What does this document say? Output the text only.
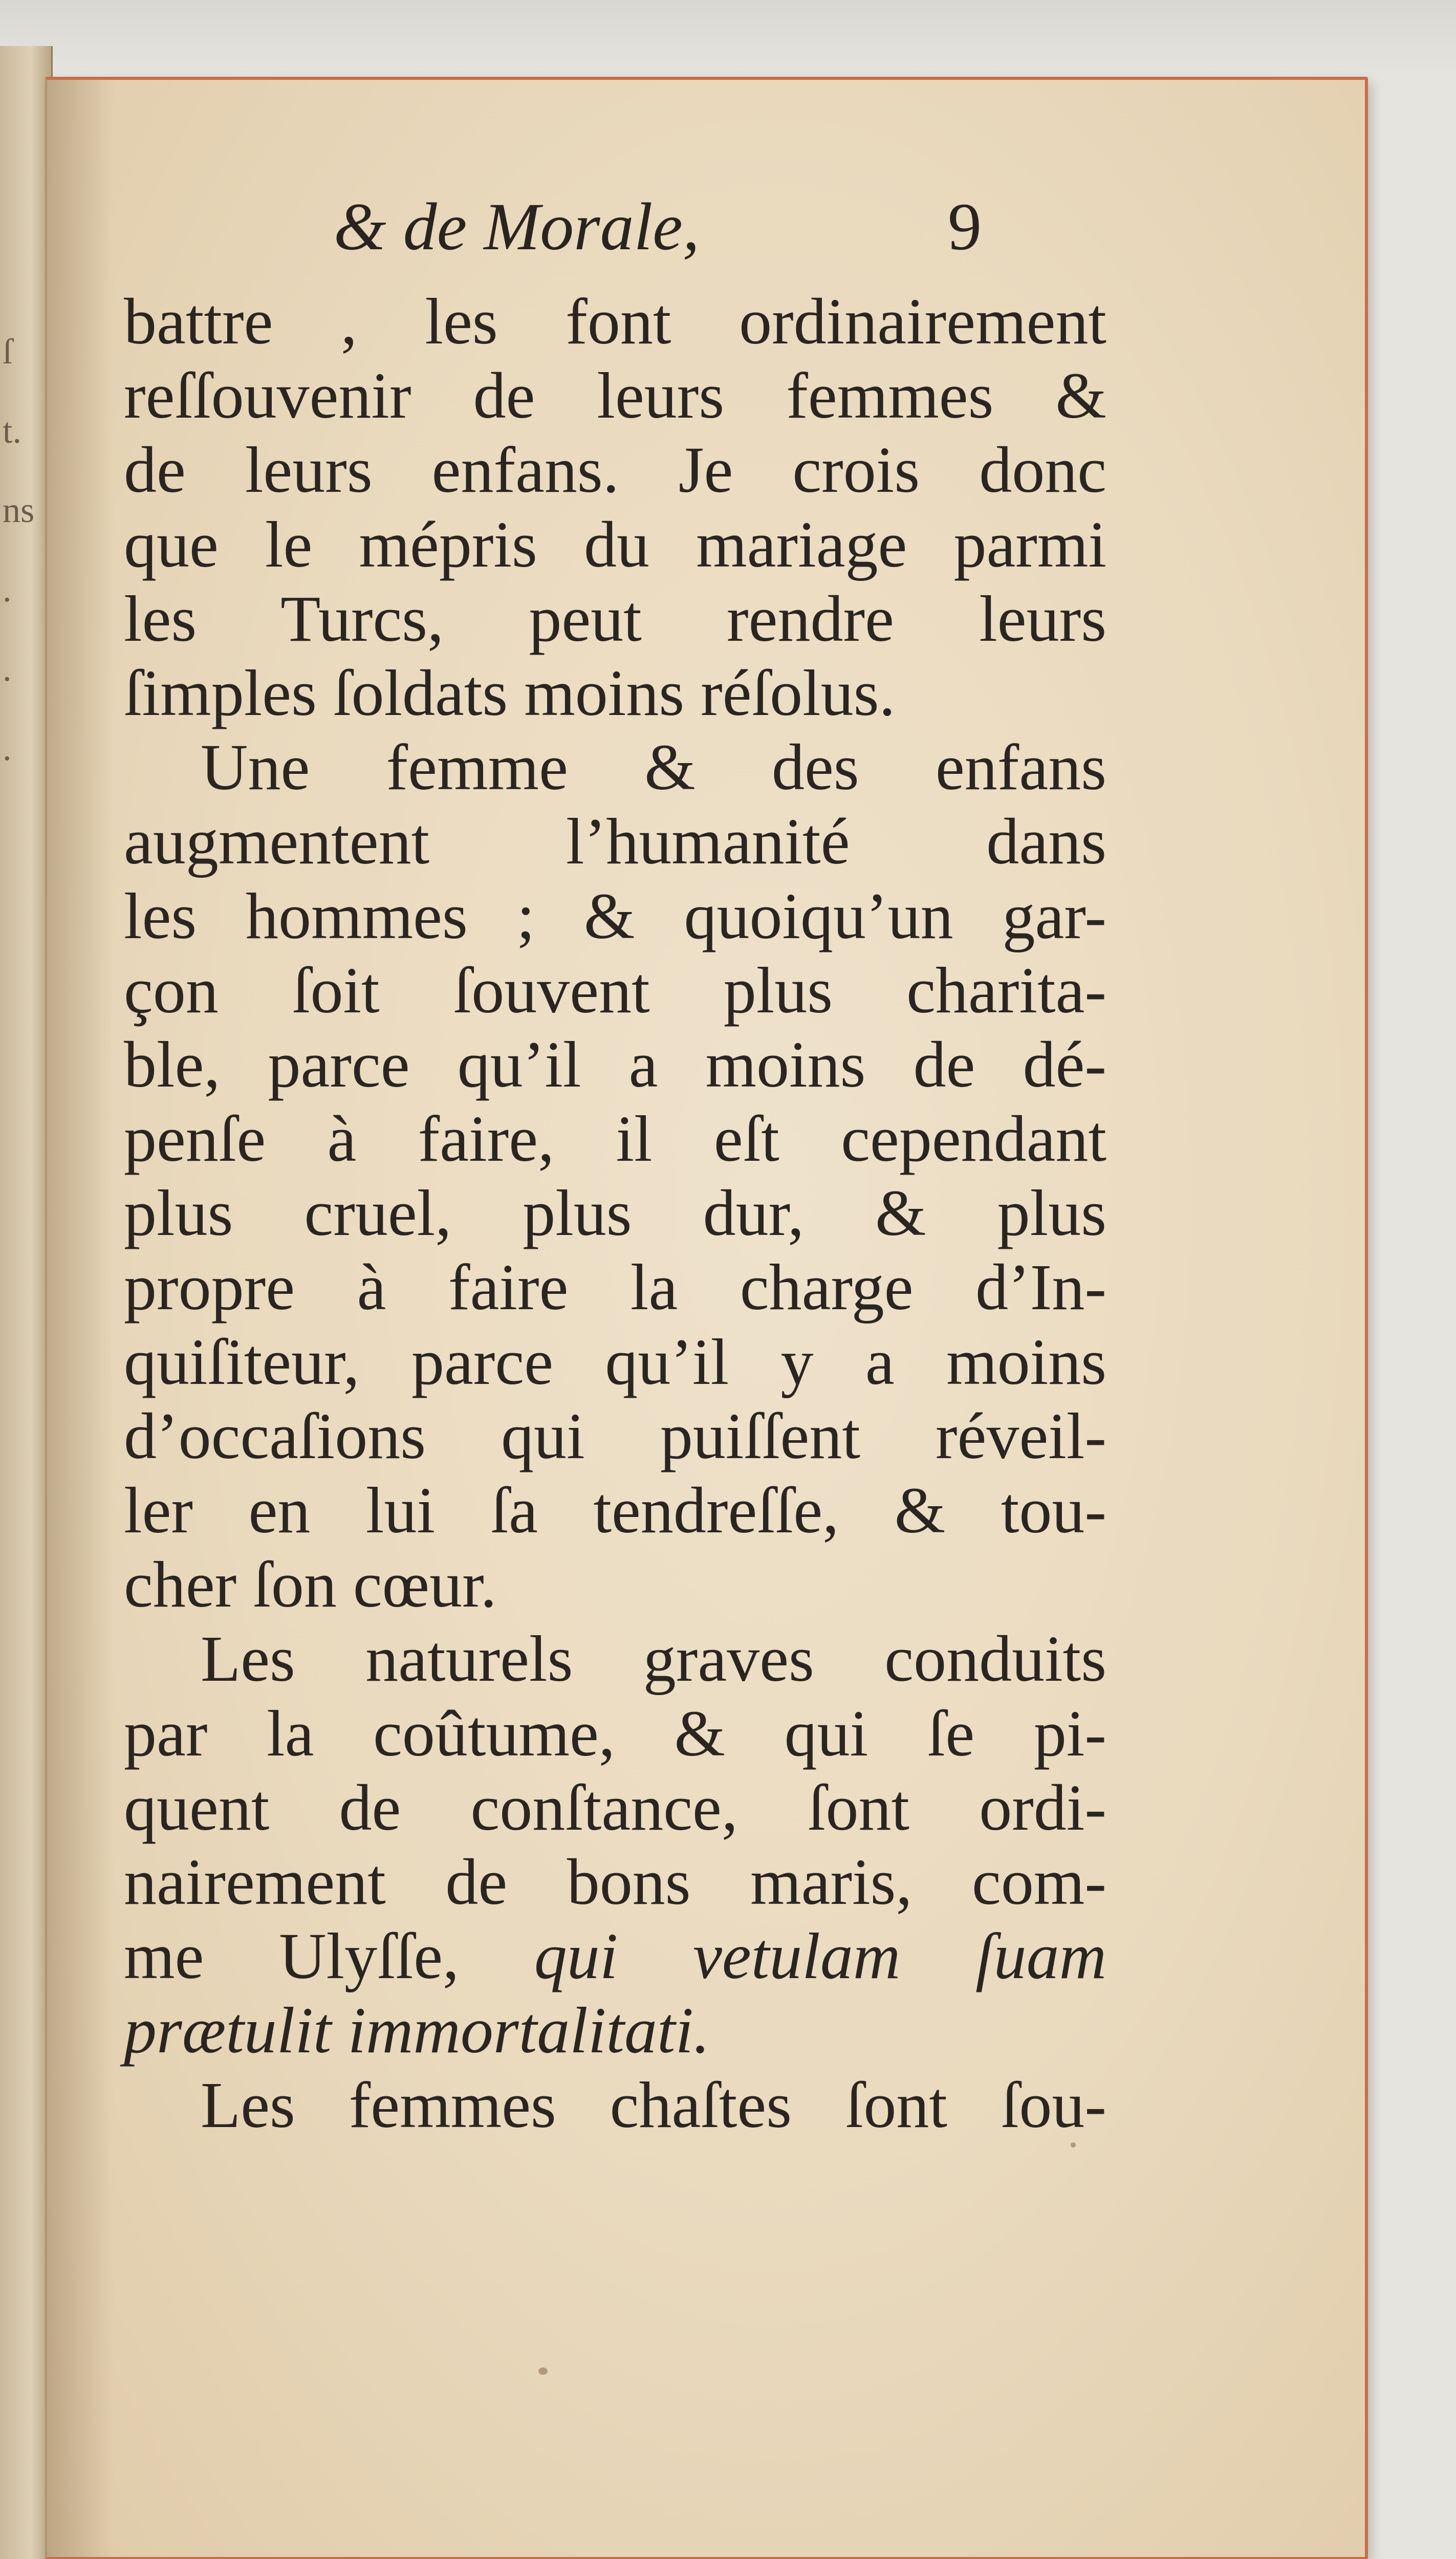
ſ
t.
ns
.
.
.
& de Morale,	9
battre , les font ordinairement
reſſouvenir de leurs femmes &
de leurs enfans. Je crois donc
que le mépris du mariage parmi
les Turcs, peut rendre leurs
ſimples ſoldats moins réſolus.
Une femme & des enfans
augmentent l’humanité dans
les hommes ; & quoiqu’un gar-
çon ſoit ſouvent plus charita-
ble, parce qu’il a moins de dé-
penſe à faire, il eſt cependant
plus cruel, plus dur, & plus
propre à faire la charge d’In-
quiſiteur, parce qu’il y a moins
d’occaſions qui puiſſent réveil-
ler en lui ſa tendreſſe, & tou-
cher ſon cœur.
Les naturels graves conduits
par la coûtume, & qui ſe pi-
quent de conſtance, ſont ordi-
nairement de bons maris, com-
me Ulyſſe, qui vetulam ſuam
prætulit immortalitati.
Les femmes chaſtes ſont ſou-
